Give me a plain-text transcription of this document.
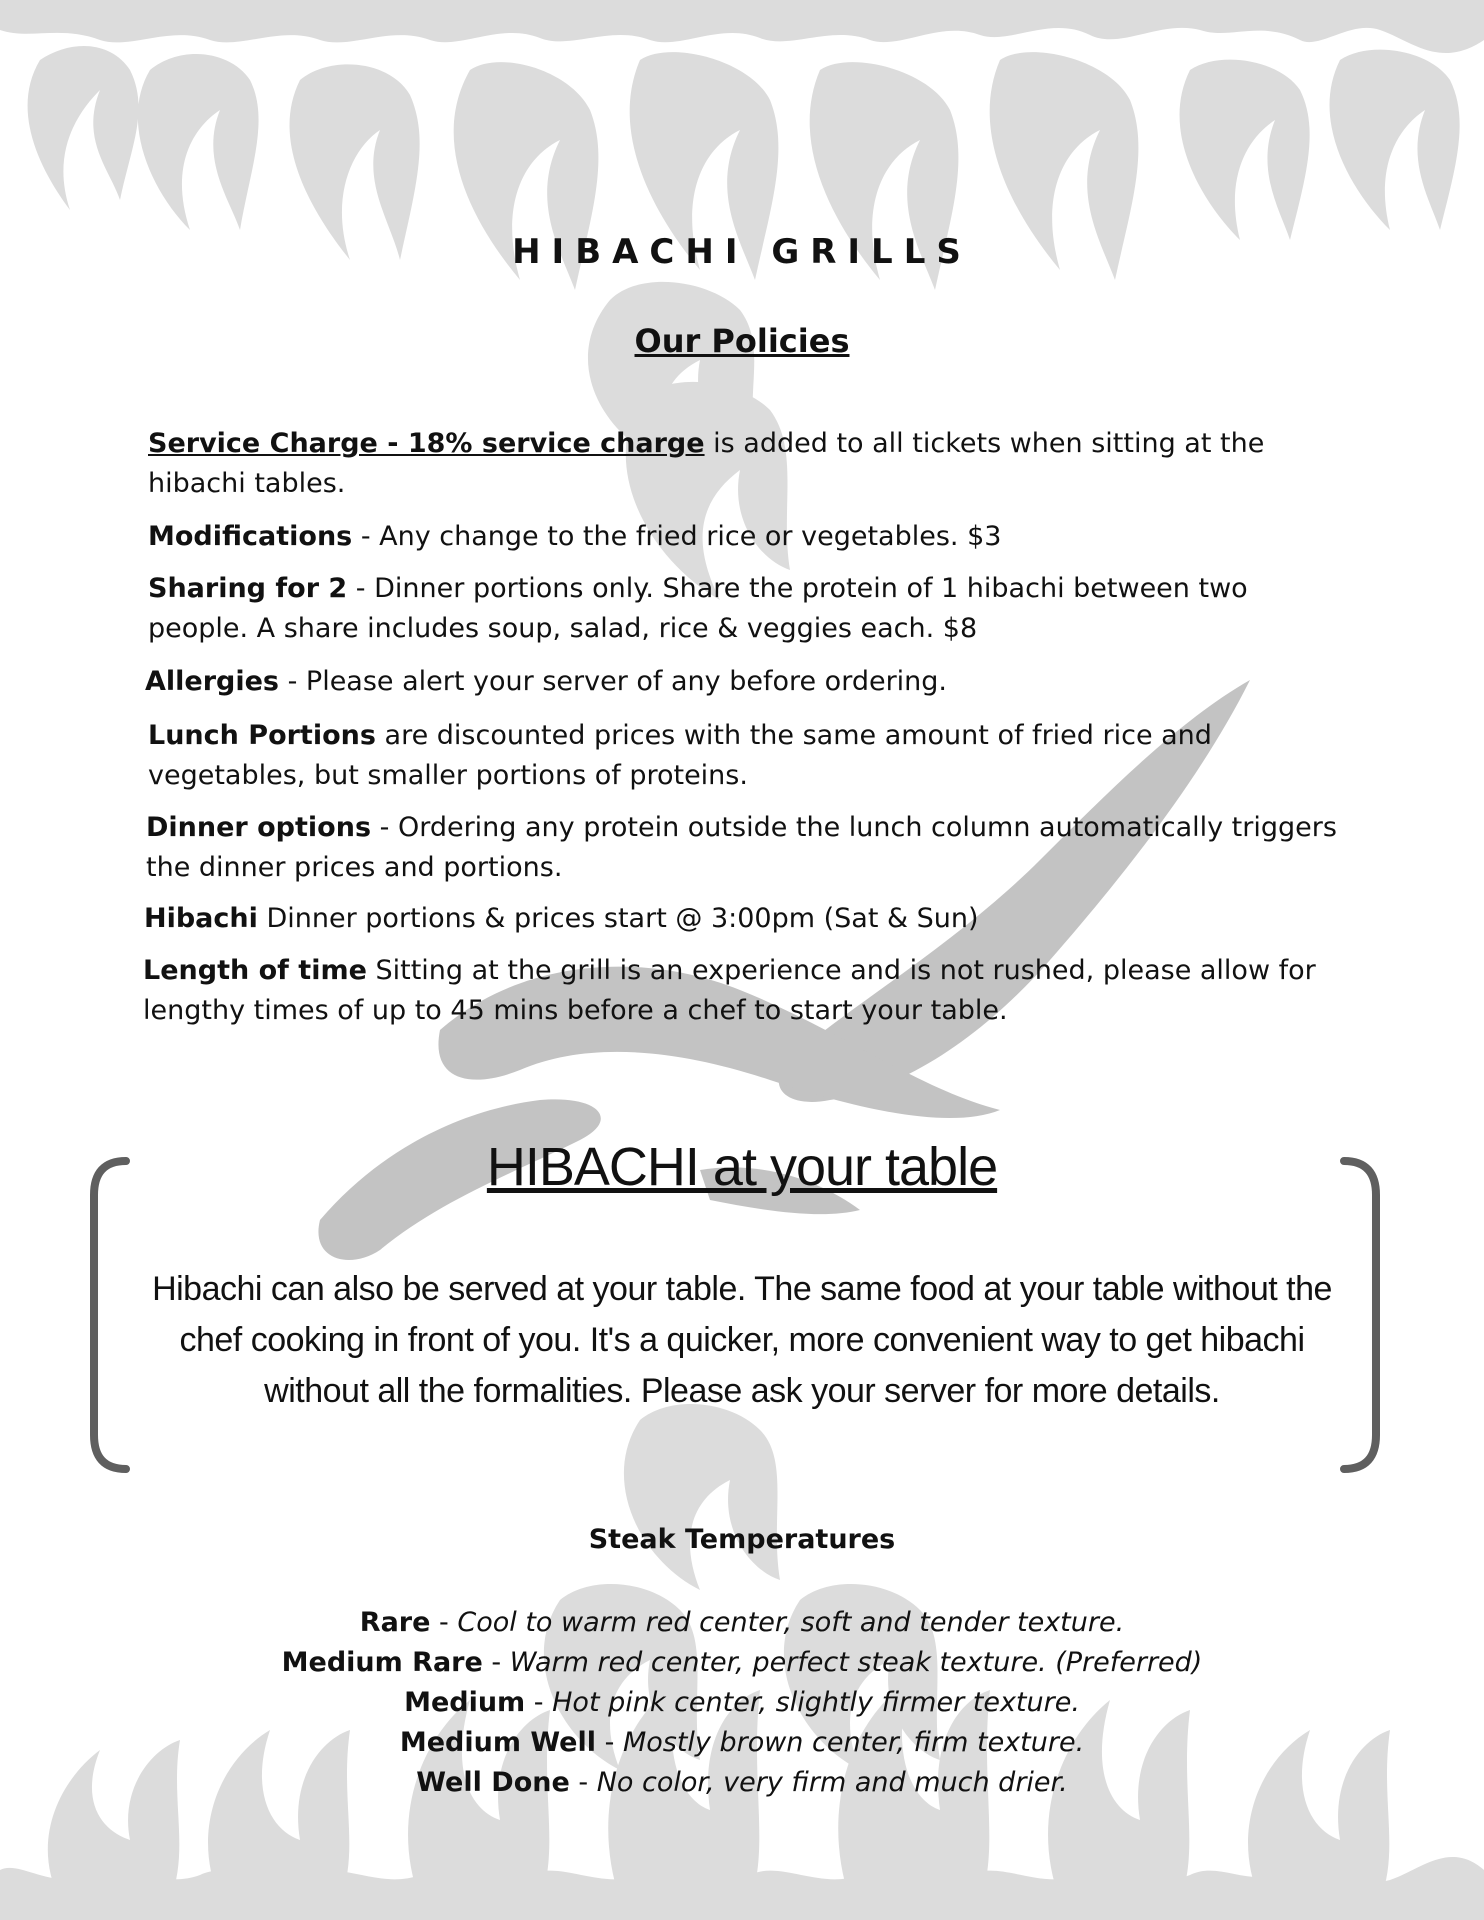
HIBACHI GRILLS
Our Policies
Service Charge - 18% service charge is added to all tickets when sitting at the hibachi tables.
Modifications - Any change to the fried rice or vegetables. $3
Sharing for 2 - Dinner portions only. Share the protein of 1 hibachi between two people. A share includes soup, salad, rice & veggies each. $8
Allergies - Please alert your server of any before ordering.
Lunch Portions are discounted prices with the same amount of fried rice and vegetables, but smaller portions of proteins.
Dinner options - Ordering any protein outside the lunch column automatically triggers the dinner prices and portions.
Hibachi Dinner portions & prices start @ 3:00pm (Sat & Sun)
Length of time Sitting at the grill is an experience and is not rushed, please allow for lengthy times of up to 45 mins before a chef to start your table.
HIBACHI at your table
Hibachi can also be served at your table. The same food at your table without the chef cooking in front of you. It's a quicker, more convenient way to get hibachi without all the formalities. Please ask your server for more details.
Steak Temperatures
Rare - Cool to warm red center, soft and tender texture.
Medium Rare - Warm red center, perfect steak texture. (Preferred)
Medium - Hot pink center, slightly firmer texture.
Medium Well - Mostly brown center, firm texture.
Well Done - No color, very firm and much drier.
